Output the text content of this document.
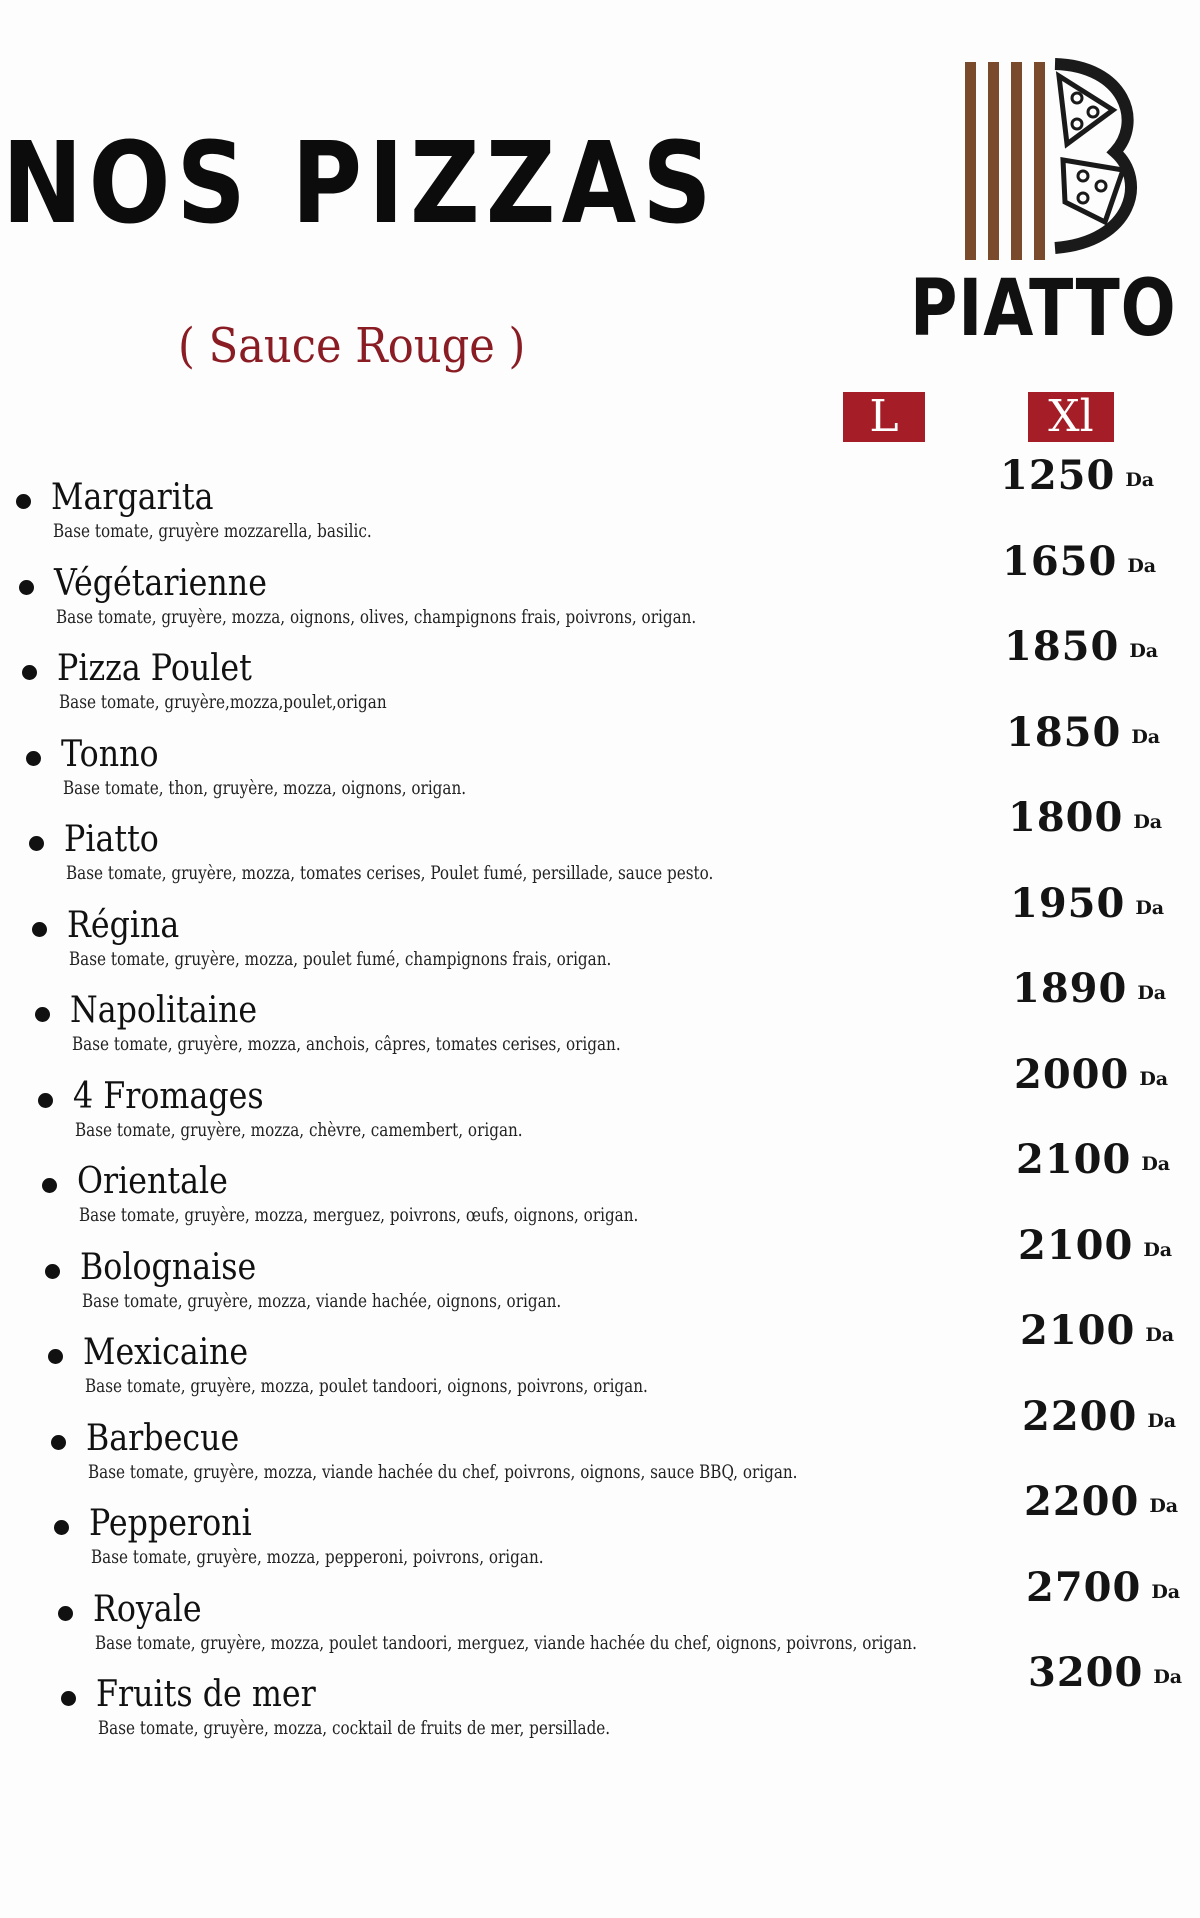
NOS PIZZAS
( Sauce Rouge )	PIATTO
L	Xl
Margarita
Base tomate, gruyère mozzarella, basilic.
1250 Da
Végétarienne
Base tomate, gruyère, mozza, oignons, olives, champignons frais, poivrons, origan.
1650 Da
Pizza Poulet
Base tomate, gruyère,mozza,poulet,origan
1850 Da
Tonno
Base tomate, thon, gruyère, mozza, oignons, origan.
1850 Da
Piatto
Base tomate, gruyère, mozza, tomates cerises, Poulet fumé, persillade, sauce pesto.
1800 Da
Régina
Base tomate, gruyère, mozza, poulet fumé, champignons frais, origan.
1950 Da
Napolitaine
Base tomate, gruyère, mozza, anchois, câpres, tomates cerises, origan.
1890 Da
4 Fromages
Base tomate, gruyère, mozza, chèvre, camembert, origan.
2000 Da
Orientale
Base tomate, gruyère, mozza, merguez, poivrons, œufs, oignons, origan.
2100 Da
Bolognaise
Base tomate, gruyère, mozza, viande hachée, oignons, origan.
2100 Da
Mexicaine
Base tomate, gruyère, mozza, poulet tandoori, oignons, poivrons, origan.
2100 Da
Barbecue
Base tomate, gruyère, mozza, viande hachée du chef, poivrons, oignons, sauce BBQ, origan.
2200 Da
Pepperoni
Base tomate, gruyère, mozza, pepperoni, poivrons, origan.
2200 Da
Royale
Base tomate, gruyère, mozza, poulet tandoori, merguez, viande hachée du chef, oignons, poivrons, origan.
2700 Da
Fruits de mer
Base tomate, gruyère, mozza, cocktail de fruits de mer, persillade.
3200 Da
